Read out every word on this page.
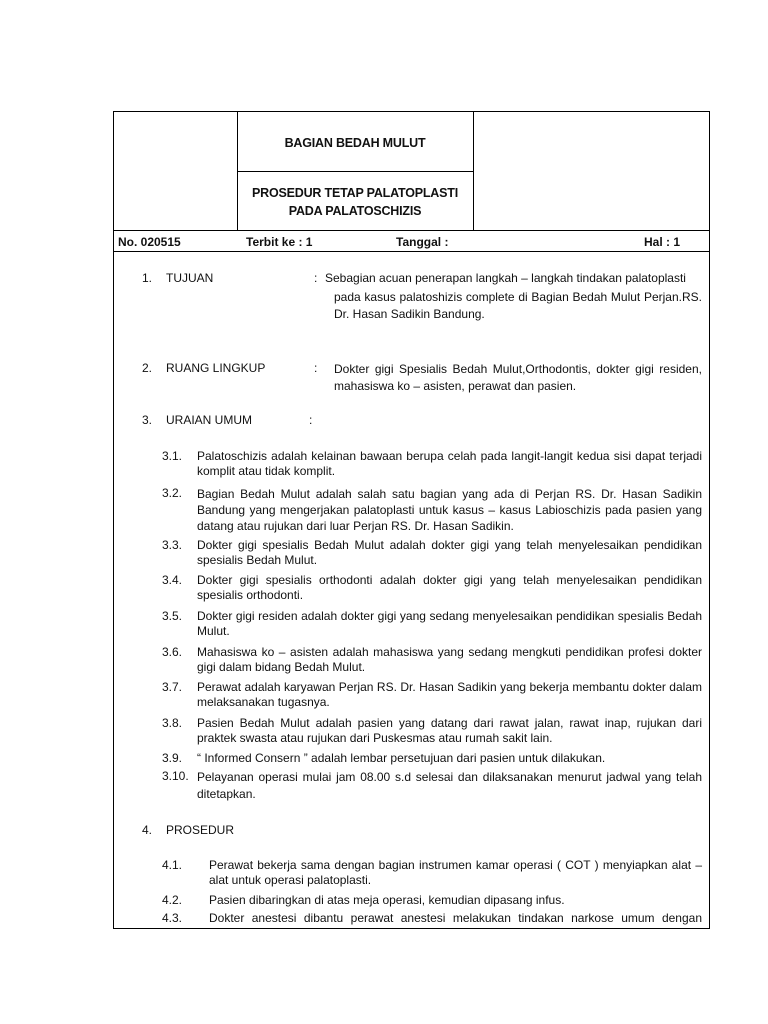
BAGIAN BEDAH MULUT
PROSEDUR TETAP PALATOPLASTI
PADA PALATOSCHIZIS
No. 020515	Terbit ke : 1	Tanggal :	Hal : 1
1. TUJUAN	: Sebagian acuan penerapan langkah – langkah tindakan palatoplasti
pada kasus palatoshizis complete di Bagian Bedah Mulut Perjan.RS. Dr. Hasan Sadikin Bandung.
2. RUANG LINGKUP	: Dokter gigi Spesialis Bedah Mulut,Orthodontis, dokter gigi residen, mahasiswa ko – asisten, perawat dan pasien.
3. URAIAN UMUM	:
3.1. Palatoschizis adalah kelainan bawaan berupa celah pada langit-langit kedua sisi dapat terjadi komplit atau tidak komplit.
3.2. Bagian Bedah Mulut adalah salah satu bagian yang ada di Perjan RS. Dr. Hasan Sadikin Bandung yang mengerjakan palatoplasti untuk kasus – kasus Labioschizis pada pasien yang datang atau rujukan dari luar Perjan RS. Dr. Hasan Sadikin.
3.3. Dokter gigi spesialis Bedah Mulut adalah dokter gigi yang telah menyelesaikan pendidikan spesialis Bedah Mulut.
3.4. Dokter gigi spesialis orthodonti adalah dokter gigi yang telah menyelesaikan pendidikan spesialis orthodonti.
3.5. Dokter gigi residen adalah dokter gigi yang sedang menyelesaikan pendidikan spesialis Bedah Mulut.
3.6. Mahasiswa ko – asisten adalah mahasiswa yang sedang mengkuti pendidikan profesi dokter gigi dalam bidang Bedah Mulut.
3.7. Perawat adalah karyawan Perjan RS. Dr. Hasan Sadikin yang bekerja membantu dokter dalam melaksanakan tugasnya.
3.8. Pasien Bedah Mulut adalah pasien yang datang dari rawat jalan, rawat inap, rujukan dari praktek swasta atau rujukan dari Puskesmas atau rumah sakit lain.
3.9. “ Informed Consern ” adalah lembar persetujuan dari pasien untuk dilakukan.
3.10. Pelayanan operasi mulai jam 08.00 s.d selesai dan dilaksanakan menurut jadwal yang telah ditetapkan.
4. PROSEDUR
4.1. Perawat bekerja sama dengan bagian instrumen kamar operasi ( COT ) menyiapkan alat – alat untuk operasi palatoplasti.
4.2. Pasien dibaringkan di atas meja operasi, kemudian dipasang infus.
4.3. Dokter anestesi dibantu perawat anestesi melakukan tindakan narkose umum dengan
